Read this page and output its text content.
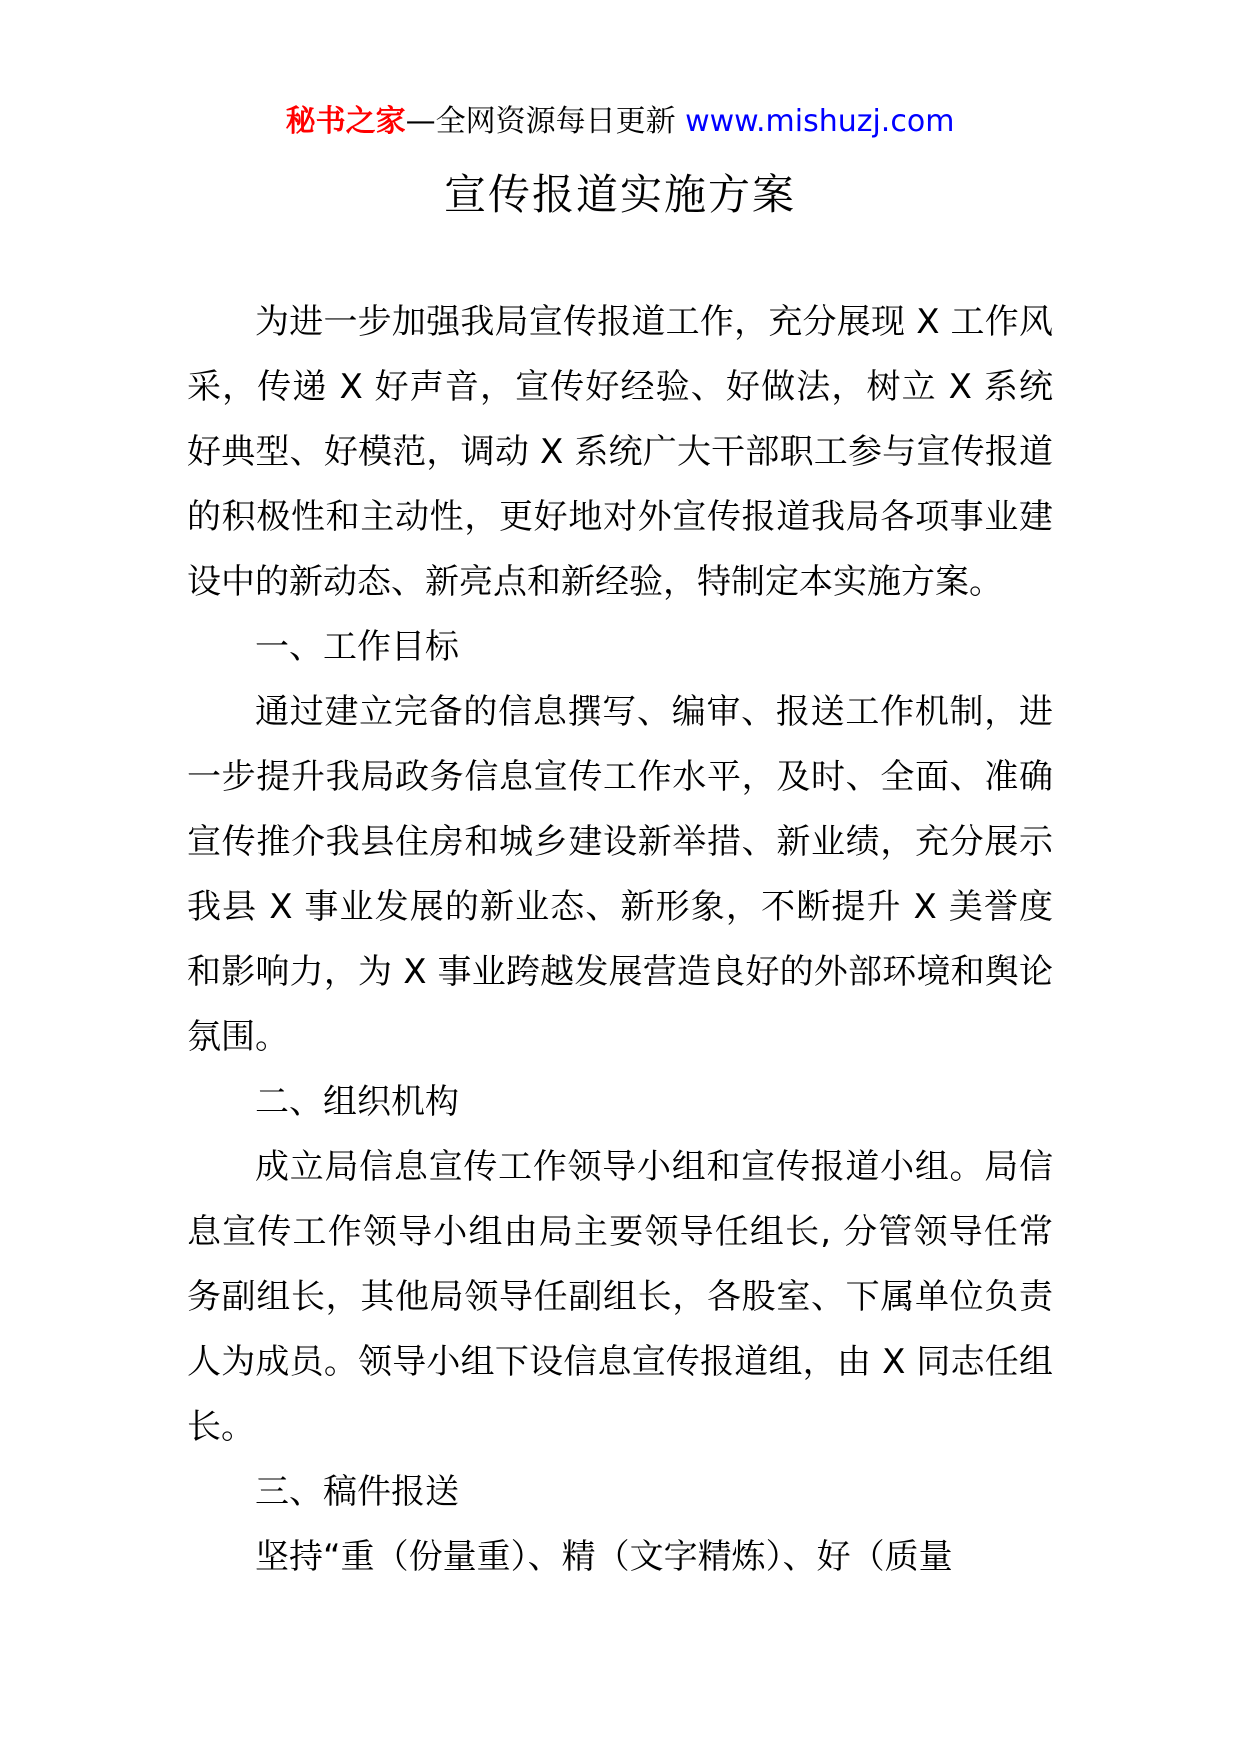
秘书之家—全网资源每日更新 www.mishuzj.com
宣传报道实施方案

为进一步加强我局宣传报道工作，充分展现 X 工作风采，传递 X 好声音，宣传好经验、好做法，树立 X 系统好典型、好模范，调动 X 系统广大干部职工参与宣传报道的积极性和主动性，更好地对外宣传报道我局各项事业建设中的新动态、新亮点和新经验，特制定本实施方案。

一、工作目标

通过建立完备的信息撰写、编审、报送工作机制，进一步提升我局政务信息宣传工作水平，及时、全面、准确宣传推介我县住房和城乡建设新举措、新业绩，充分展示我县 X 事业发展的新业态、新形象，不断提升 X 美誉度和影响力，为 X 事业跨越发展营造良好的外部环境和舆论氛围。

二、组织机构

成立局信息宣传工作领导小组和宣传报道小组。局信息宣传工作领导小组由局主要领导任组长, 分管领导任常务副组长，其他局领导任副组长，各股室、下属单位负责人为成员。领导小组下设信息宣传报道组，由 X 同志任组长。

三、稿件报送

坚持“重（份量重）、精（文字精炼）、好（质量
